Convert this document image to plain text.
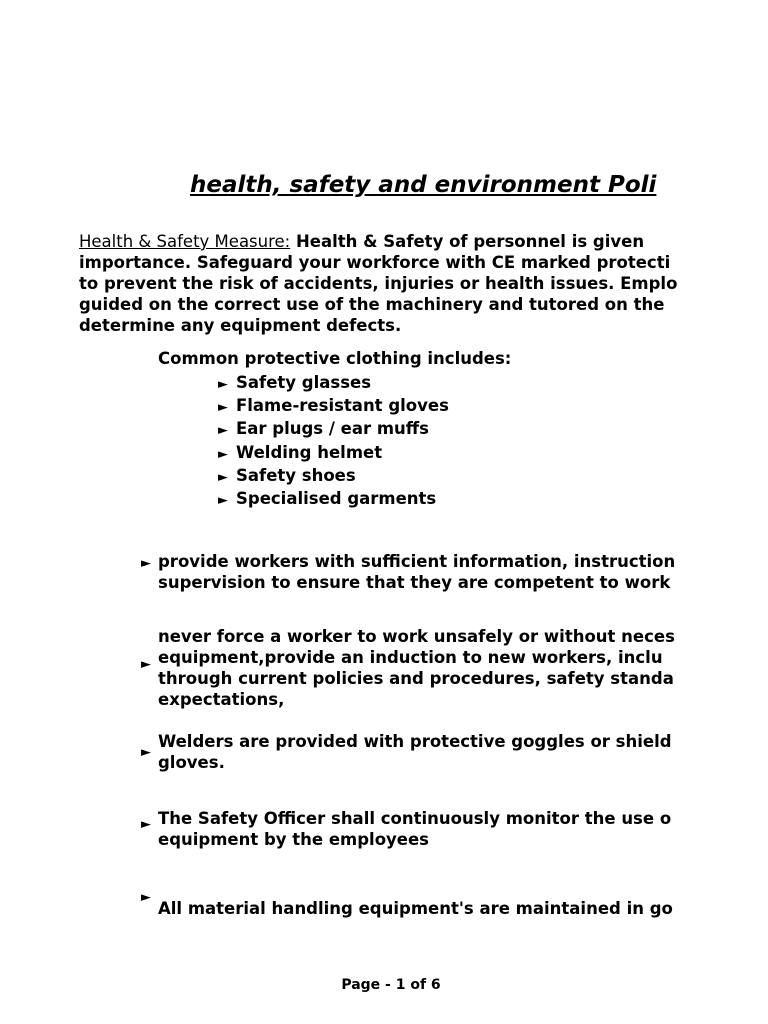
health, safety and environment Poli
Health & Safety Measure: Health & Safety of personnel is given
importance. Safeguard your workforce with CE marked protecti
to prevent the risk of accidents, injuries or health issues. Emplo
guided on the correct use of the machinery and tutored on the
determine any equipment defects.
Common protective clothing includes:
► Safety glasses
► Flame-resistant gloves
► Ear plugs / ear muffs
► Welding helmet
► Safety shoes
► Specialised garments
► provide workers with sufficient information, instruction
supervision to ensure that they are competent to work
►
never force a worker to work unsafely or without neces
equipment,provide an induction to new workers, inclu
through current policies and procedures, safety standa
expectations,
►
Welders are provided with protective goggles or shield
gloves.
► The Safety Officer shall continuously monitor the use o
equipment by the employees
►
All material handling equipment's are maintained in go
Page - 1 of 6
